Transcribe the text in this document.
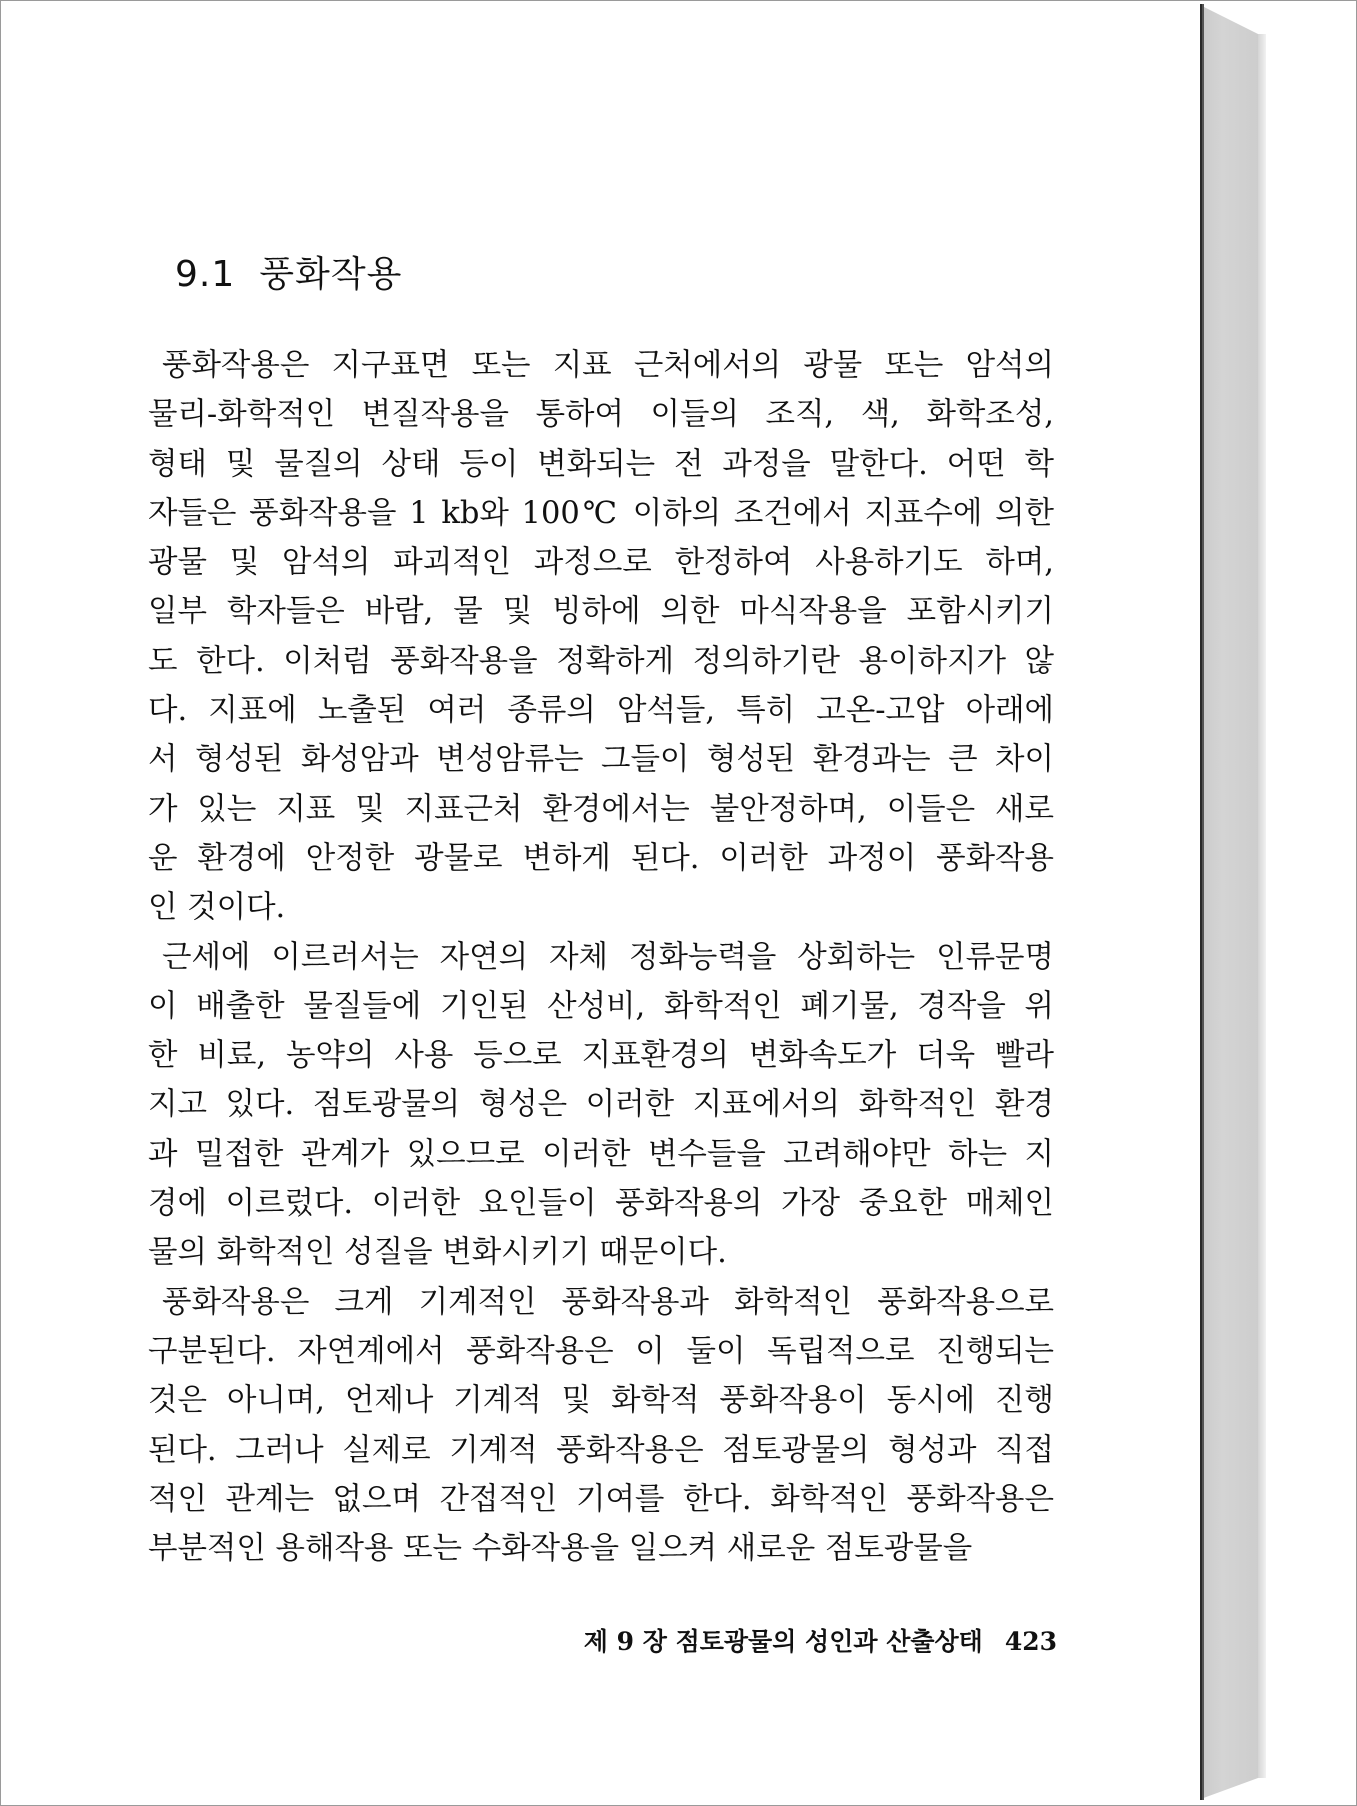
9.1 풍화작용
풍화작용은 지구표면 또는 지표 근처에서의 광물 또는 암석의
물리-화학적인 변질작용을 통하여 이들의 조직, 색, 화학조성,
형태 및 물질의 상태 등이 변화되는 전 과정을 말한다. 어떤 학
자들은 풍화작용을 1 kb와 100℃ 이하의 조건에서 지표수에 의한
광물 및 암석의 파괴적인 과정으로 한정하여 사용하기도 하며,
일부 학자들은 바람, 물 및 빙하에 의한 마식작용을 포함시키기
도 한다. 이처럼 풍화작용을 정확하게 정의하기란 용이하지가 않
다. 지표에 노출된 여러 종류의 암석들, 특히 고온-고압 아래에
서 형성된 화성암과 변성암류는 그들이 형성된 환경과는 큰 차이
가 있는 지표 및 지표근처 환경에서는 불안정하며, 이들은 새로
운 환경에 안정한 광물로 변하게 된다. 이러한 과정이 풍화작용
인 것이다.
근세에 이르러서는 자연의 자체 정화능력을 상회하는 인류문명
이 배출한 물질들에 기인된 산성비, 화학적인 폐기물, 경작을 위
한 비료, 농약의 사용 등으로 지표환경의 변화속도가 더욱 빨라
지고 있다. 점토광물의 형성은 이러한 지표에서의 화학적인 환경
과 밀접한 관계가 있으므로 이러한 변수들을 고려해야만 하는 지
경에 이르렀다. 이러한 요인들이 풍화작용의 가장 중요한 매체인
물의 화학적인 성질을 변화시키기 때문이다.
풍화작용은 크게 기계적인 풍화작용과 화학적인 풍화작용으로
구분된다. 자연계에서 풍화작용은 이 둘이 독립적으로 진행되는
것은 아니며, 언제나 기계적 및 화학적 풍화작용이 동시에 진행
된다. 그러나 실제로 기계적 풍화작용은 점토광물의 형성과 직접
적인 관계는 없으며 간접적인 기여를 한다. 화학적인 풍화작용은
부분적인 용해작용 또는 수화작용을 일으켜 새로운 점토광물을
제 9 장 점토광물의 성인과 산출상태 423
